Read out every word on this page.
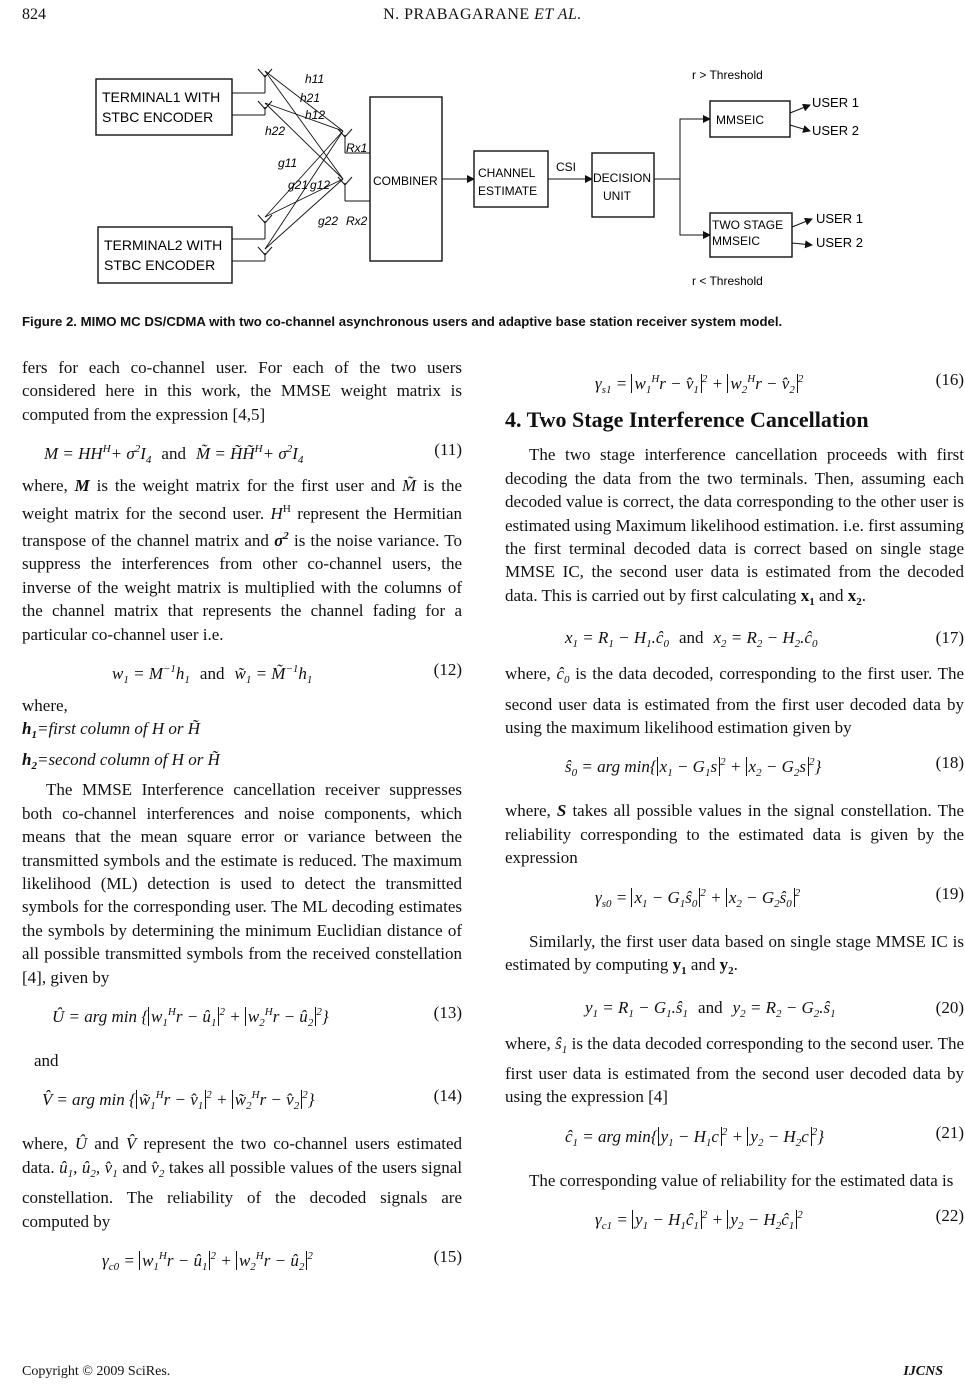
824	N. PRABAGARANE ET AL.
TERMINAL1 WITH
STBC ENCODER
TERMINAL2 WITH
STBC ENCODER
h11
h21
h12
h22
g11
g21 g12
g22
Rx1
Rx2
COMBINER
CHANNEL
ESTIMATE
CSI
DECISION
UNIT
r > Threshold
r < Threshold
MMSEIC
TWO STAGE
MMSEIC
USER 1
USER 2
USER 1
USER 2
Figure 2. MIMO MC DS/CDMA with two co-channel asynchronous users and adaptive base station receiver system model.

fers for each co-channel user. For each of the two users considered here in this work, the MMSE weight matrix is computed from the expression [4,5]

$M = HH^H+ \sigma^2I_4$ and M̃ = H̃H̃$^H$+ $\sigma^2I_4$
(11)

where, M is the weight matrix for the first user and M̃ is the weight matrix for the second user. $H^H$ represent the Hermitian transpose of the channel matrix and $\sigma^2$ is the noise variance. To suppress the interferences from other co-channel users, the inverse of the weight matrix is multiplied with the columns of the channel matrix that represents the channel fading for a particular co-channel user i.e.

$w_1 = M^{-1}h_1$ and $w̃_1$ = $M̃^{-1}h_1$
(12)

where,

$h_1=first$ column of H or H̃

$h_2=second$ column of H or H̃

The MMSE Interference cancellation receiver suppresses both co-channel interferences and noise components, which means that the mean square error or variance between the transmitted symbols and the estimate is reduced. The maximum likelihood (ML) detection is used to detect the transmitted symbols for the corresponding user. The ML decoding estimates the symbols by determining the minimum Euclidian distance of all possible transmitted symbols from the received constellation [4], given by

Û = arg min { $w_1^Hr$ − $û_1^2 + w_2^Hr$ − $û_2^2$}	(13)

and

V̂ = arg min { $w̃_1^Hr$ − $v̂_1^2$ + $w̃_2^Hr$ − $v̂_2^2$}	(14)

where, Û and V̂ represent the two co-channel users estimated data. $û_1$, $û_2$, $v̂_1$ and $v̂_2$ takes all possible values of the users signal constellation. The reliability of the decoded signals are computed by

$\gamma_{c0} = w_1^Hr$ − $û_1^2 + w_2^Hr$ − $û_2^2$	(15)
$\gamma_{s1} = w_1^Hr$ − $v̂_1^2 + w_2^Hr$ − $v̂_2^2$	(16)
4. Two Stage Interference Cancellation

The two stage interference cancellation proceeds with first decoding the data from the two terminals. Then, assuming each decoded value is correct, the data corresponding to the other user is estimated using Maximum likelihood estimation. i.e. first assuming the first terminal decoded data is correct based on single stage MMSE IC, the second user data is estimated from the decoded data. This is carried out by first calculating $x_1$ and $x_2$.

$x_1 = R_1$ − $H_1.ĉ_0$ and $x_2 = R_2$ − $H_2.ĉ_0$	(17)

where, $ĉ_0$ is the data decoded, corresponding to the first user. The second user data is estimated from the first user decoded data by using the maximum likelihood estimation given by

$ŝ_0$ = arg min{ $x_1 - G_1s$ $^2 + x_2 - G_2s$ $^2$}	(18)

where, S takes all possible values in the signal constellation. The reliability corresponding to the estimated data is given by the expression

$\gamma_{s0} = x_1$ − $G_1ŝ_0^2 + x_2$ − $G_2ŝ_0^2$	(19)

Similarly, the first user data based on single stage MMSE IC is estimated by computing $y_1$ and $y_2$.

$y_1 = R_1$ − $G_1.ŝ_1$ and $y_2 = R_2$ − $G_2.ŝ_1$	(20)

where, $ŝ_1$ is the data decoded corresponding to the second user. The first user data is estimated from the second user decoded data by using the expression [4]

$ĉ_1$ = arg min{ $y_1 - H_1c$ $^2 + y_2 - H_2c$ $^2$}	(21)

The corresponding value of reliability for the estimated data is

$\gamma_{c1} = y_1$ − $H_1ĉ_1^2 + y_2$ − $H_2ĉ_1^2$	(22)
Copyright © 2009 SciRes.	IJCNS
